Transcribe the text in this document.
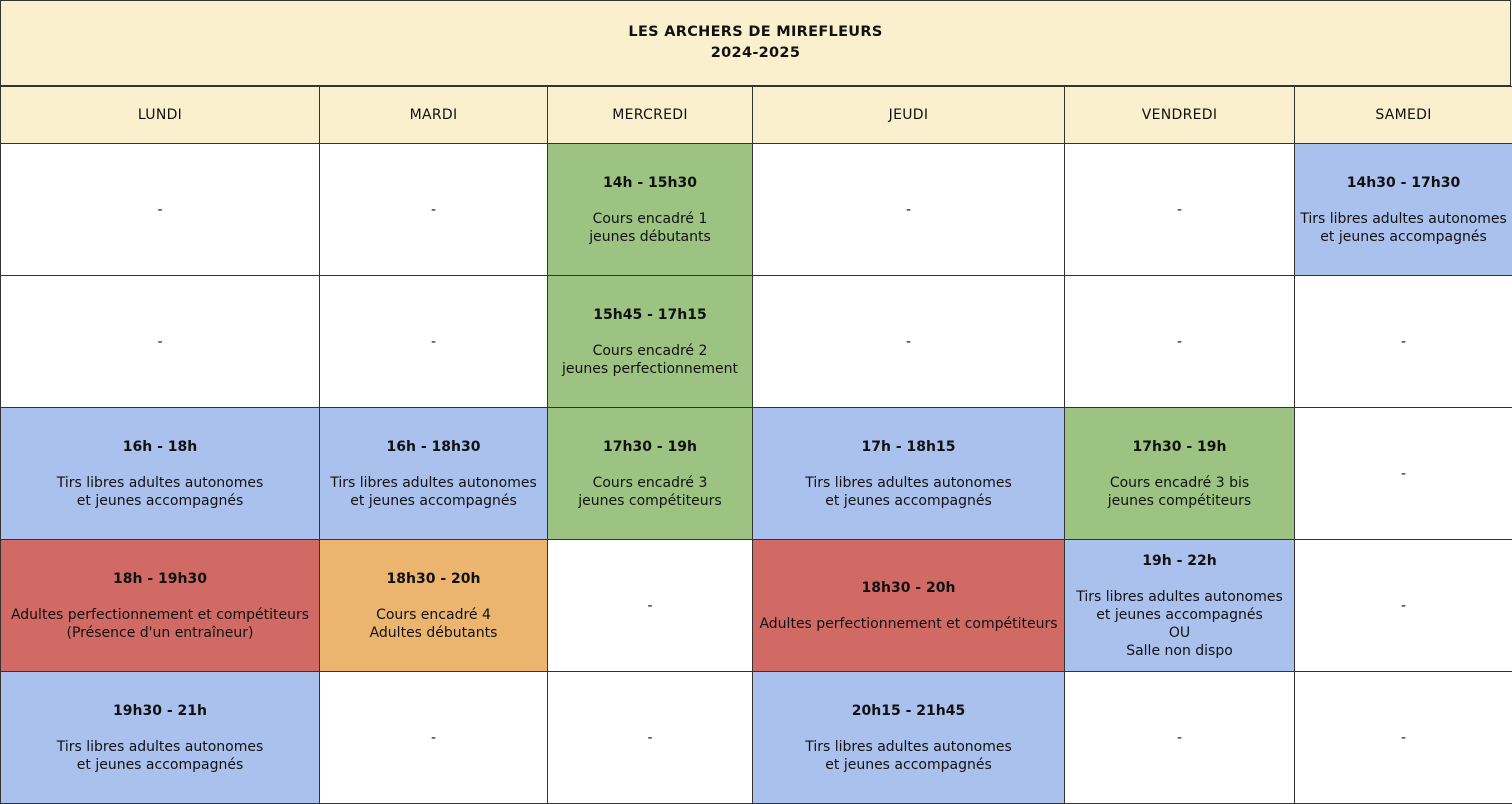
LES ARCHERS DE MIREFLEURS
2024-2025
LUNDI	MARDI	MERCREDI	JEUDI	VENDREDI	SAMEDI

-	-	14h - 15h30
Cours encadré 1
jeunes débutants	-	-	14h30 - 17h30
Tirs libres adultes autonomes
et jeunes accompagnés

-	-	15h45 - 17h15
Cours encadré 2
jeunes perfectionnement	-	-	-

16h - 18h
Tirs libres adultes autonomes
et jeunes accompagnés	16h - 18h30
Tirs libres adultes autonomes
et jeunes accompagnés	17h30 - 19h
Cours encadré 3
jeunes compétiteurs	17h - 18h15
Tirs libres adultes autonomes
et jeunes accompagnés	17h30 - 19h
Cours encadré 3 bis
jeunes compétiteurs	-

18h - 19h30
Adultes perfectionnement et compétiteurs
(Présence d'un entraîneur)	18h30 - 20h
Cours encadré 4
Adultes débutants	-	18h30 - 20h
Adultes perfectionnement et compétiteurs	19h - 22h
Tirs libres adultes autonomes
et jeunes accompagnés
OU
Salle non dispo	-

19h30 - 21h
Tirs libres adultes autonomes
et jeunes accompagnés	-	-	20h15 - 21h45
Tirs libres adultes autonomes
et jeunes accompagnés	-	-
